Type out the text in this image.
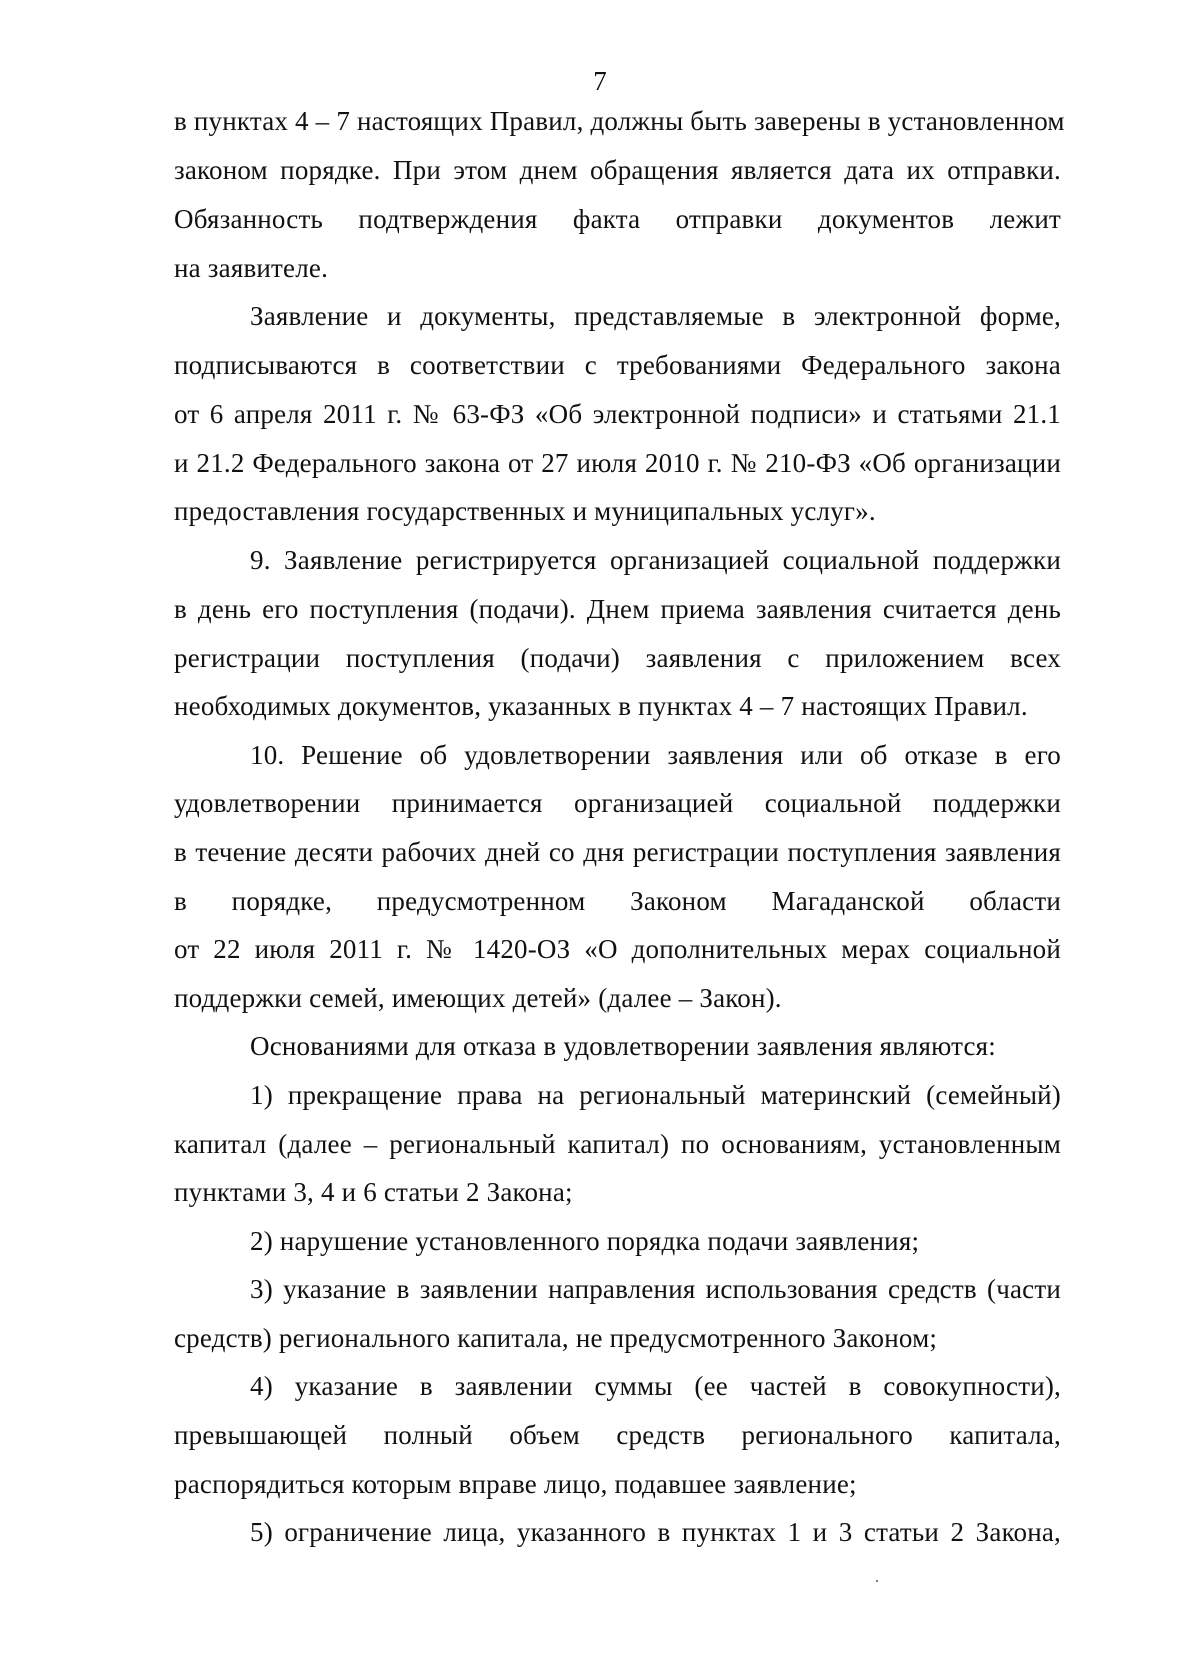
7
в пунктах 4 – 7 настоящих Правил, должны быть заверены в установленном
законом порядке. При этом днем обращения является дата их отправки.
Обязанность подтверждения факта отправки документов лежит
на заявителе.
Заявление и документы, представляемые в электронной форме,
подписываются в соответствии с требованиями Федерального закона
от 6 апреля 2011 г. № 63-ФЗ «Об электронной подписи» и статьями 21.1
и 21.2 Федерального закона от 27 июля 2010 г. № 210-ФЗ «Об организации
предоставления государственных и муниципальных услуг».
9. Заявление регистрируется организацией социальной поддержки
в день его поступления (подачи). Днем приема заявления считается день
регистрации поступления (подачи) заявления с приложением всех
необходимых документов, указанных в пунктах 4 – 7 настоящих Правил.
10. Решение об удовлетворении заявления или об отказе в его
удовлетворении принимается организацией социальной поддержки
в течение десяти рабочих дней со дня регистрации поступления заявления
в порядке, предусмотренном Законом Магаданской области
от 22 июля 2011 г. № 1420-ОЗ «О дополнительных мерах социальной
поддержки семей, имеющих детей» (далее – Закон).
Основаниями для отказа в удовлетворении заявления являются:
1) прекращение права на региональный материнский (семейный)
капитал (далее – региональный капитал) по основаниям, установленным
пунктами 3, 4 и 6 статьи 2 Закона;
2) нарушение установленного порядка подачи заявления;
3) указание в заявлении направления использования средств (части
средств) регионального капитала, не предусмотренного Законом;
4) указание в заявлении суммы (ее частей в совокупности),
превышающей полный объем средств регионального капитала,
распорядиться которым вправе лицо, подавшее заявление;
5) ограничение лица, указанного в пунктах 1 и 3 статьи 2 Закона,
